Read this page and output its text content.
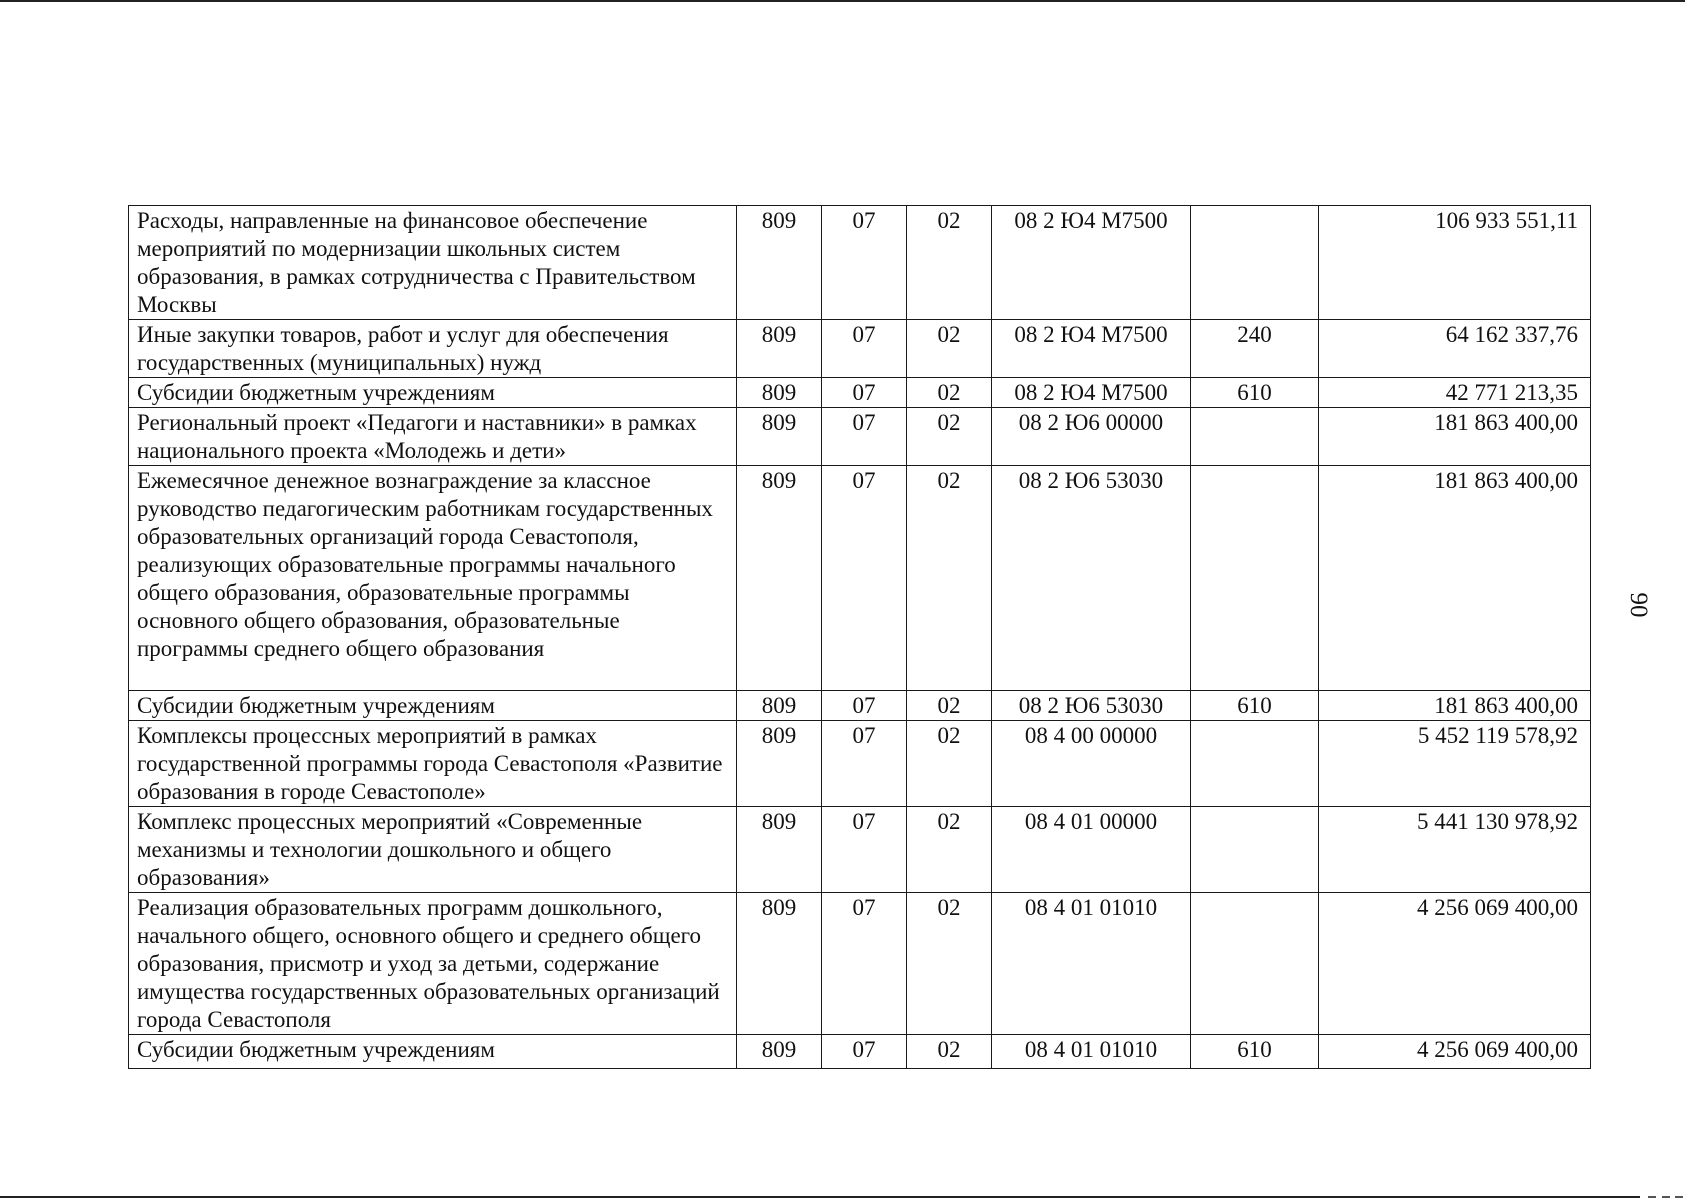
90
Расходы, направленные на финансовое обеспечение мероприятий по модернизации школьных систем образования, в рамках сотрудничества с Правительством Москвы	809	07	02	08 2 Ю4 М7500		106 933 551,11
Иные закупки товаров, работ и услуг для обеспечения государственных (муниципальных) нужд	809	07	02	08 2 Ю4 М7500	240	64 162 337,76
Субсидии бюджетным учреждениям	809	07	02	08 2 Ю4 М7500	610	42 771 213,35
Региональный проект «Педагоги и наставники» в рамках национального проекта «Молодежь и дети»	809	07	02	08 2 Ю6 00000		181 863 400,00
Ежемесячное денежное вознаграждение за классное руководство педагогическим работникам государственных образовательных организаций города Севастополя, реализующих образовательные программы начального общего образования, образовательные программы основного общего образования, образовательные программы среднего общего образования	809	07	02	08 2 Ю6 53030		181 863 400,00
Субсидии бюджетным учреждениям	809	07	02	08 2 Ю6 53030	610	181 863 400,00
Комплексы процессных мероприятий в рамках государственной программы города Севастополя «Развитие образования в городе Севастополе»	809	07	02	08 4 00 00000		5 452 119 578,92
Комплекс процессных мероприятий «Современные механизмы и технологии дошкольного и общего образования»	809	07	02	08 4 01 00000		5 441 130 978,92
Реализация образовательных программ дошкольного, начального общего, основного общего и среднего общего образования, присмотр и уход за детьми, содержание имущества государственных образовательных организаций города Севастополя	809	07	02	08 4 01 01010		4 256 069 400,00
Субсидии бюджетным учреждениям	809	07	02	08 4 01 01010	610	4 256 069 400,00
